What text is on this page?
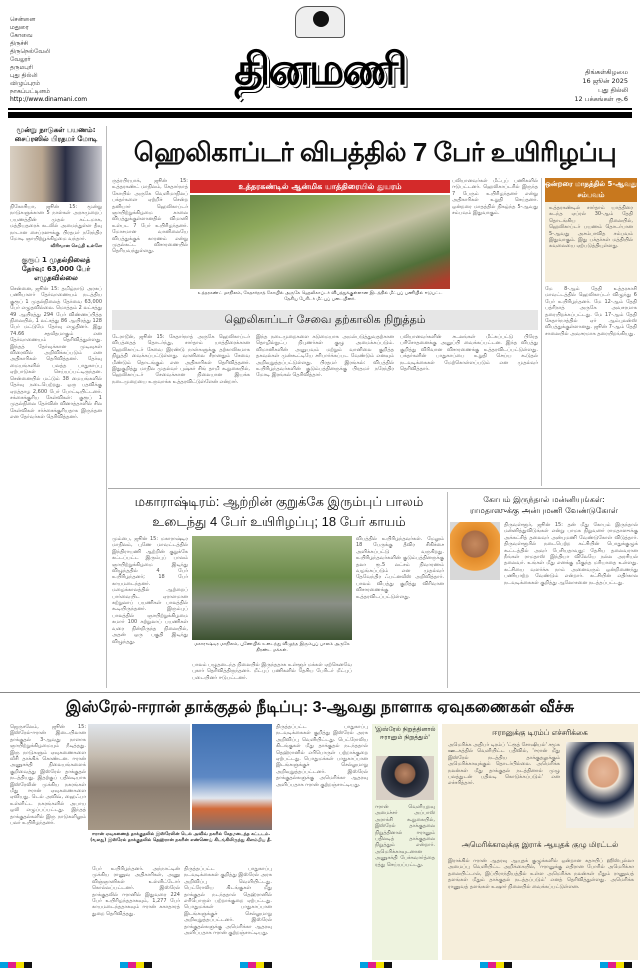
சென்னை
மதுரை
கோவை
திருச்சி
திருநெல்வேலி
வேலூர்
தருமபுரி
புது தில்லி
விழுப்புரம்
நாகப்பட்டினம்
http://www.dinamani.com
தினமணி	திங்கள்கிழமை
16 ஜூன் 2025
புது தில்லி
12 பக்கங்கள் ரூ.6
மூன்று நாடுகள் பயணம்: சைப்ரஸில் பிரதமர் மோடி
நிகோசியா, ஜூன் 15: மூன்று நாடுகளுக்கான 5 நாள்கள் அரசுமுறைப் பயணத்தின் முதல் கட்டமாக, மத்தியதரைக் கடலில் அமைந்துள்ள தீவு நாடான சைப்ரஸுக்கு பிரதமர் நரேந்திர மோடி ஞாயிற்றுக்கிழமை வந்தார்.
விரிவான செய்தி உள்ளே
குரூப் 1 முதல்நிலைத் தேர்வு: 63,000 பேர் எழுதவில்லை
சென்னை, ஜூன் 15: தமிழ்நாடு அரசுப் பணியாளர் தேர்வாணையம் நடத்திய குரூப் 1 முதல்நிலைத் தேர்வை 63,000 பேர் எழுதவில்லை. மொத்தம் 2 லட்சத்து 49 ஆயிரத்து 294 பேர் விண்ணப்பித்த நிலையில், 1 லட்சத்து 86 ஆயிரத்து 128 பேர் மட்டுமே தேர்வு எழுதினர். இது 74.66 சதவீதமாகும் என தேர்வாணையம் தெரிவித்துள்ளது. இந்தத் தேர்வுக்கான முடிவுகள் விரைவில் அறிவிக்கப்படும் என அதிகாரிகள் தெரிவித்தனர். தேர்வு மையங்களில் பலத்த பாதுகாப்பு ஏற்பாடுகள் செய்யப்பட்டிருந்தன. சென்னையில் மட்டும் 38 மையங்களில் தேர்வு நடைபெற்றது. ஒரு பதவிக்கு ஏறத்தாழ 2,600 பேர் போட்டியிட்டனர். சக்சைக்குரிய கேள்விகள்: குரூப் 1 முதல்நிலை தேர்வின் வினாத்தாளில் சில கேள்விகள் சர்ச்சைக்குரியதாக இருந்தன என தேர்வர்கள் தெரிவித்தனர்.
ஹெலிகாப்டர் விபத்தில் 7 பேர் உயிரிழப்பு
ருத்ரபிரயாக், ஜூன் 15: உத்தரகண்ட் மாநிலம், கேதார்நாத் கோயில் அருகே வெளிமாநிலப் பக்தர்களை ஏற்றிச் சென்ற தனியார் ஹெலிகாப்டர் ஞாயிற்றுக்கிழமை காலை விபத்துக்குள்ளானதில் விமானி உள்பட 7 பேர் உயிரிழந்தனர். மோசமான வானிலையே விபத்துக்குக் காரணம் என்று முதல்கட்ட விசாரணையில் தெரியவந்துள்ளது.
உத்தரகண்டில் ஆன்மிக யாத்திரையில் துயரம்
உத்தரகண்ட் மாநிலம், கேதார்நாத் கோயில் அருகே ஹெலிகாப்டர் விபத்துக்குள்ளான இடத்தில் மீட்புப் பணியில் ஈடுபட்ட தேசிய பேரிடர் மீட்புப் படையினர்.
பலியானவர்கள் மீட்புப் பணிகளில் ஈடுபட்டனர். ஹெலிகாப்டரில் இருந்த 7 பேரும் உயிரிழந்தனர் என்று அதிகாரிகள் உறுதி செய்தனர். ஒன்றரை மாதத்தில் நிகழ்ந்த 5-ஆவது சம்பவம் இதுவாகும்.
ஹெலிகாப்டர் சேவை தற்காலிக நிறுத்தம்
டேராடூன், ஜூன் 15: கேதார்நாத் அருகே ஹெலிகாப்டர் விபத்தைத் தொடர்ந்து, சார்தாம் யாத்திரைக்கான ஹெலிகாப்டர் சேவை இரண்டு நாள்களுக்கு தற்காலிகமாக நிறுத்தி வைக்கப்பட்டுள்ளது. வானிலை சீரானதும் சேவை மீண்டும் தொடங்கும் என அதிகாரிகள் தெரிவித்தனர். இதுகுறித்து மாநில முதல்வர் புஷ்கர் சிங் தாமி கூறுகையில், ஹெலிகாப்டர் சேவைக்கான நிலையான இயக்க நடைமுறையை உருவாக்க உத்தரவிட்டுள்ளேன் என்றார்.
இந்த நடைமுறைகளை கடுமையாக அமல்படுத்துவதற்கான தொழில்நுட்ப நிபுணர்கள் குழு அமைக்கப்படும். விமானிகளின் அனுபவம் மற்றும் வானிலை குறித்த தகவல்கள் முன்கூட்டியே சரிபார்க்கப்பட வேண்டும் எனவும் அறிவுறுத்தப்பட்டுள்ளது. பிரதமர் இரங்கல்: விபத்தில் உயிரிழந்தவர்களின் குடும்பத்தினருக்கு பிரதமர் நரேந்திர மோடி இரங்கல் தெரிவித்தார்.
பலியானவர்களின் சடலங்கள் மீட்கப்பட்டு பிரேத பரிசோதனைக்கு அனுப்பி வைக்கப்பட்டன. இந்த விபத்து குறித்து விரிவான விசாரணைக்கு உத்தரவிடப்பட்டுள்ளது. பக்தர்களின் பாதுகாப்பை உறுதி செய்ய கூடுதல் நடவடிக்கைகள் மேற்கொள்ளப்படும் என முதல்வர் தெரிவித்தார்.
ஒன்றரை மாதத்தில் 5-ஆவது சம்பவம்
உத்தரகண்டில் சார்தாம் யாத்திரை கடந்த ஏப்ரல் 30-ஆம் தேதி தொடங்கிய நிலையில், ஹெலிகாப்டர் பயணம் தொடர்பான 5-ஆவது அசம்பாவித சம்பவம் இதுவாகும். இது பக்தர்கள் மத்தியில் கவலையை ஏற்படுத்தியுள்ளது.
மே 8-ஆம் தேதி உத்தரகாசி மாவட்டத்தில் ஹெலிகாப்டர் விழுந்து 6 பேர் உயிரிழந்தனர். மே 12-ஆம் தேதி பத்ரிநாத் அருகே அவசரமாக தரையிறக்கப்பட்டது. மே 17-ஆம் தேதி கேதார்நாத்தில் ஏர் ஆம்புலன்ஸ் விபத்துக்குள்ளானது. ஜூன் 7-ஆம் தேதி சாலையில் அவசரமாக தரையிறங்கியது.
மகாராஷ்டிரம்: ஆற்றின் குறுக்கே இரும்புப் பாலம்
உடைந்து 4 பேர் உயிரிழப்பு; 18 பேர் காயம்
மும்பை, ஜூன் 15: மகாராஷ்டிர மாநிலம், புணே மாவட்டத்தில் இந்திராயணி ஆற்றின் குறுக்கே கட்டப்பட்ட இரும்புப் பாலம் ஞாயிற்றுக்கிழமை இடிந்து விழுந்ததில் 4 பேர் உயிரிழந்தனர்; 18 பேர் காயமடைந்தனர். மழைக்காலத்தில் ஆற்றைப் பார்வையிட ஏராளமான சுற்றுலாப் பயணிகள் பாலத்தில் கூடியிருந்தனர். இரும்புப் பாலத்தில் ஞாயிற்றுக்கிழமை சுமார் 100 சுற்றுலாப் பயணிகள் வரை நின்றிருந்த நிலையில், அதன் ஒரு பகுதி இடிந்து விழுந்தது.	மகாராஷ்டிர மாநிலம், புணேயில் உடைந்து விழுந்த இரும்புப் பாலம் அருகே திரண்ட மக்கள்.
பாலம் பழுதடைந்த நிலையில் இருந்ததாக உள்ளூர் மக்கள் ஏற்கெனவே புகார் தெரிவித்திருந்தனர். மீட்புப் பணிகளில் தேசிய பேரிடர் மீட்புப் படையினர் ஈடுபட்டனர்.
விபத்தில் உயிரிழந்தவர்கள். மேலும் 18 பேருக்கு தீவிர சிகிச்சை அளிக்கப்பட்டு வருகிறது. உயிரிழந்தவர்களின் குடும்பத்தினருக்கு தலா ரூ.5 லட்சம் நிவாரணம் வழங்கப்படும் என முதல்வர் தேவேந்திர ஃபட்னவீஸ் அறிவித்தார். பாலம் விபத்து குறித்து விரிவான விசாரணைக்கு உத்தரவிடப்பட்டுள்ளது.
கோபம் இருந்தால் மன்னியுங்கள்:
ராமதாஸுக்கு அன்புமணி வேண்டுகோள்
திருவள்ளூர், ஜூன் 15: தன் மீது கோபம் இருந்தால் மன்னித்துவிடுங்கள் என்று பாமக நிறுவனர் ராமதாஸுக்கு அக்கட்சித் தலைவர் அன்புமணி வேண்டுகோள் விடுத்தார். திருவள்ளூரில் நடைபெற்ற கட்சியின் பொதுக்குழுக் கூட்டத்தில் அவர் பேசியதாவது: தேசிய தலைவரான நீங்கள் ராமதாஸ் இந்தியா விலேயே நல்ல அரசியல் தலைவர். உங்கள் மீது எனக்கு மிகுந்த மரியாதை உள்ளது. கட்சியை வளர்க்க நாம் அனைவரும் ஒன்றிணைந்து பணியாற்ற வேண்டும் என்றார். கட்சியின் எதிர்கால நடவடிக்கைகள் குறித்து ஆலோசனை நடத்தப்பட்டது.
இஸ்ரேல்-ஈரான் தாக்குதல் நீடிப்பு: 3-ஆவது நாளாக ஏவுகணைகள் வீச்சு
ஜெருசலேம், ஜூன் 15: இஸ்ரேல்-ஈரான் இடையிலான தாக்குதல் 3-ஆவது நாளாக ஞாயிற்றுக்கிழமையும் நீடித்தது. இரு நாடுகளும் ஏவுகணைகளை வீசி தாக்கிக் கொண்டன. ஈரான் அணுசக்தி நிலையங்களைக் குறிவைத்து இஸ்ரேல் தாக்குதல் நடத்தியது. இதற்குப் பதிலடியாக இஸ்ரேலின் முக்கிய நகரங்கள் மீது ஈரான் ஏவுகணைகளை ஏவியது. டெல் அவிவ், ஹைஃபா உள்ளிட்ட நகரங்களில் அபாய ஒலி எழுப்பப்பட்டது. இந்தத் தாக்குதல்களில் இரு நாடுகளிலும் பலர் உயிரிழந்தனர்.
ஈரான் ஏவுகணைத் தாக்குதலில் இஸ்ரேலின் டெல் அவிவ் நகரில் சேதமடைந்த கட்டடம். (வலது) இஸ்ரேல் தாக்குதலில் தெஹ்ரான் நகரின் எண்ணெய் கிடங்கிலிருந்து கிளம்பிய தீ.
பேர் உயிரிழந்தனர். அந்நாட்டின் முக்கிய ராணுவ அதிகாரிகள், அணு விஞ்ஞானிகள் உள்ளிட்டோர் கொல்லப்பட்டனர். இஸ்ரேல் தாக்குதலில் ஈரானில் இதுவரை 224 பேர் உயிரிழந்ததாகவும், 1,277 பேர் காயமடைந்ததாகவும் ஈரான் சுகாதாரத் துறை தெரிவித்தது.
திருத்தப்பட்ட பாதுகாப்பு நடவடிக்கைகள் குறித்து இஸ்ரேல் அரசு அறிவிப்பு வெளியிட்டது. பெட்ரோலிய கிடங்குகள் மீது தாக்குதல் நடந்ததால் தெஹ்ரானில் எரிபொருள் பற்றாக்குறை ஏற்பட்டது. பொதுமக்கள் பாதுகாப்பான இடங்களுக்குச் செல்லுமாறு அறிவுறுத்தப்பட்டனர். இஸ்ரேல் தாக்குதல்களுக்கு அமெரிக்கா ஆதரவு அளிப்பதாக ஈரான் குற்றஞ்சாட்டியது.
திருத்தப்பட்ட பாதுகாப்பு நடவடிக்கைகள் குறித்து இஸ்ரேல் அரசு அறிவிப்பு வெளியிட்டது. பெட்ரோலிய கிடங்குகள் மீது தாக்குதல் நடந்ததால் தெஹ்ரானில் எரிபொருள் பற்றாக்குறை ஏற்பட்டது. பொதுமக்கள் பாதுகாப்பான இடங்களுக்குச் செல்லுமாறு அறிவுறுத்தப்பட்டனர். இஸ்ரேல் தாக்குதல்களுக்கு அமெரிக்கா ஆதரவு அளிப்பதாக ஈரான் குற்றஞ்சாட்டியது.
'இஸ்ரேல் நிறுத்தினால் ஈரானும் நிறுத்தும்'
ஈரான் வெளியுறவு அமைச்சர் அப்பாஸ் அராக்சி கூறுகையில், இஸ்ரேல் தாக்குதலை நிறுத்தினால் ஈரானும் பதிலடித் தாக்குதலை நிறுத்தும் என்றார். அமெரிக்காவுடனான அணுசக்தி பேச்சுவார்த்தை ரத்து செய்யப்பட்டது.
ஈரானுக்கு டிரம்ப் எச்சரிக்கை
அமெரிக்க அதிபர் டிரம்ப் 'ட்ரூத் சோஷியல்' சமூக ஊடகத்தில் வெளியிட்ட பதிவில், 'ஈரான் மீது இஸ்ரேல் நடத்திய தாக்குதலுக்கும் அமெரிக்காவுக்கும் தொடர்பில்லை. அமெரிக்க நலன்கள் மீது தாக்குதல் நடத்தினால் முழு பலத்துடன் பதிலடி கொடுக்கப்படும்' என எச்சரித்தார்.
அமெரிக்காவுக்கு இராக் ஆயுதக் குழு மிரட்டல்
இராக்கில் ஈரான் ஆதரவு ஆயுதக் குழுக்களில் ஒன்றான கதாயிப் ஹிஸ்புல்லா அமைப்பு வெளியிட்ட அறிக்கையில், 'ஈரானுக்கு எதிரான போரில் அமெரிக்கா தலையிட்டால், இப்பிராந்தியத்தில் உள்ள அமெரிக்க நலன்கள் மீதும் ராணுவத் தளங்கள் மீதும் தாக்குதல் நடத்தப்படும்' எனத் தெரிவித்துள்ளது. அமெரிக்க ராணுவத் தளங்கள் உஷார் நிலையில் வைக்கப்பட்டுள்ளன.
